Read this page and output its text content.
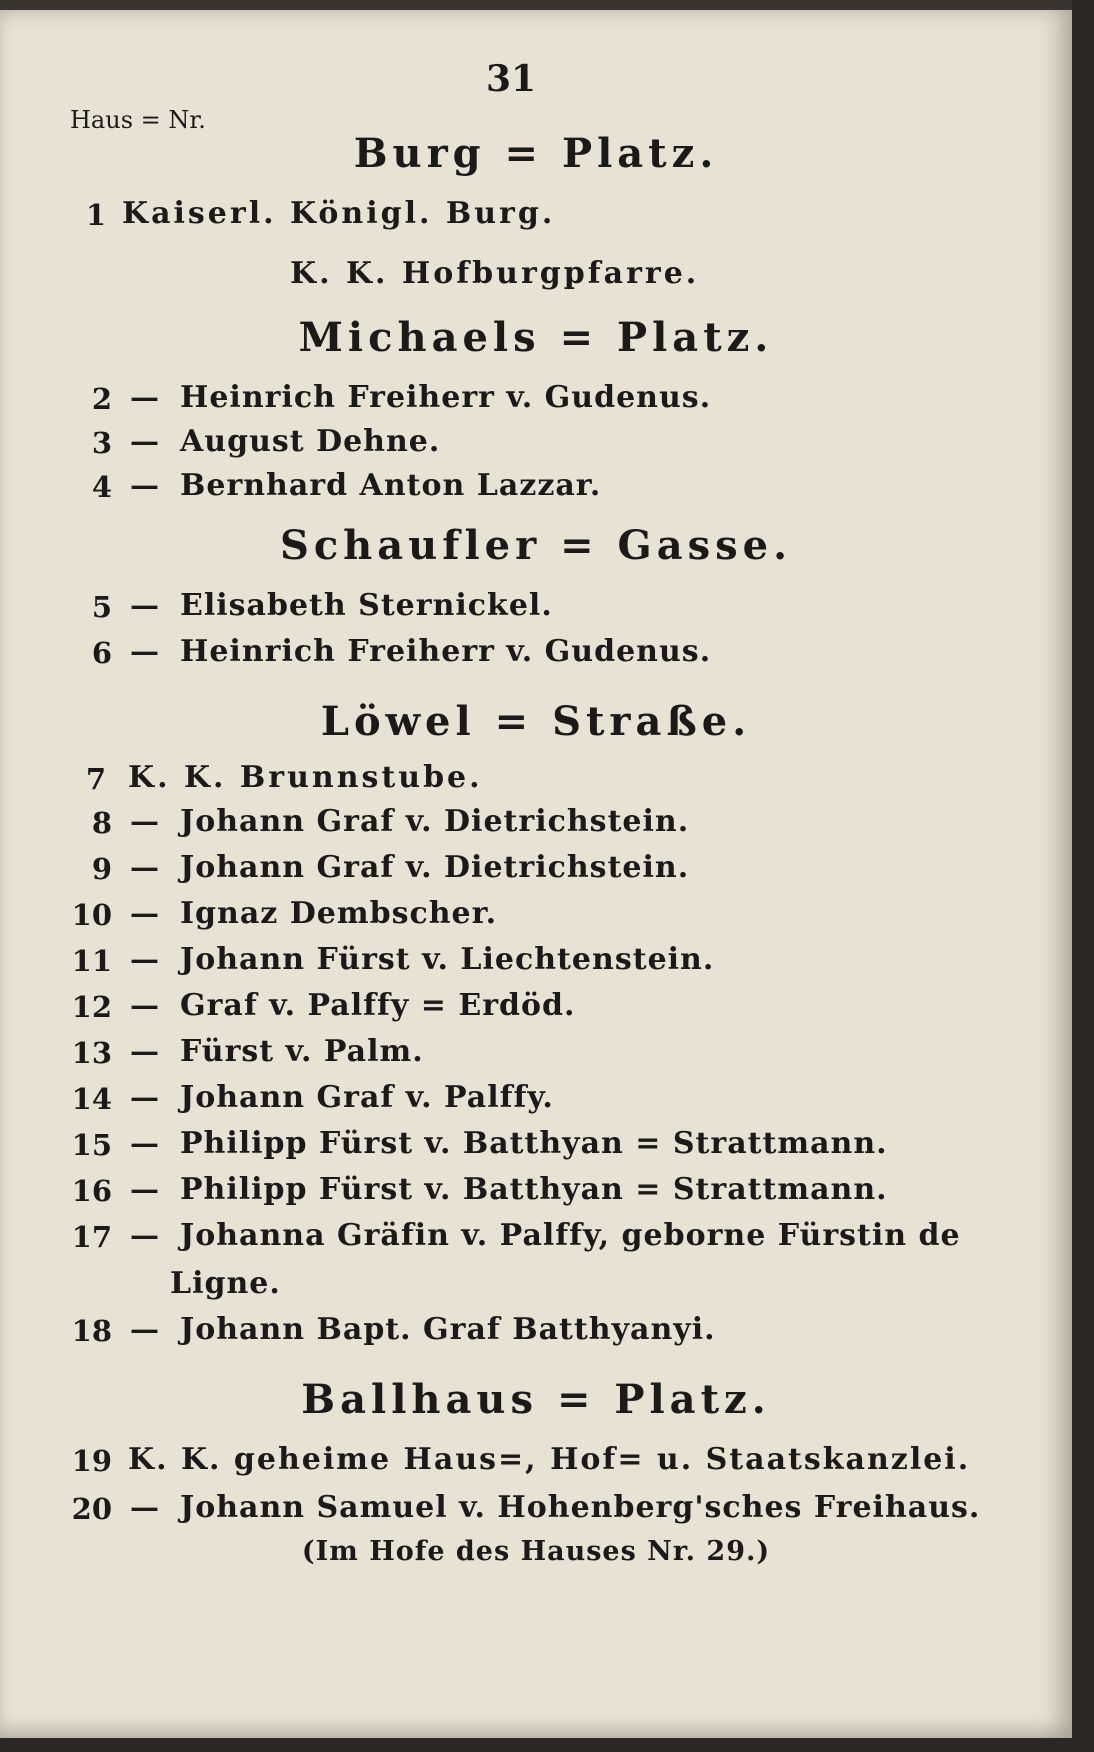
31
Haus = Nr.
Burg = Platz.
1 Kaiserl. Königl. Burg.
K. K. Hofburgpfarre.
Michaels = Platz.
2 — Heinrich Freiherr v. Gudenus.
3 — August Dehne.
4 — Bernhard Anton Lazzar.
Schaufler = Gasse.
5 — Elisabeth Sternickel.
6 — Heinrich Freiherr v. Gudenus.
Löwel = Straße.
7 K. K. Brunnstube.
8 — Johann Graf v. Dietrichstein.
9 — Johann Graf v. Dietrichstein.
10 — Ignaz Dembscher.
11 — Johann Fürst v. Liechtenstein.
12 — Graf v. Palffy = Erdöd.
13 — Fürst v. Palm.
14 — Johann Graf v. Palffy.
15 — Philipp Fürst v. Batthyan = Strattmann.
16 — Philipp Fürst v. Batthyan = Strattmann.
17 — Johanna Gräfin v. Palffy, geborne Fürstin de
Ligne.
18 — Johann Bapt. Graf Batthyanyi.
Ballhaus = Platz.
19 K. K. geheime Haus=, Hof= u. Staatskanzlei.
20 — Johann Samuel v. Hohenberg'sches Freihaus.
(Im Hofe des Hauses Nr. 29.)
